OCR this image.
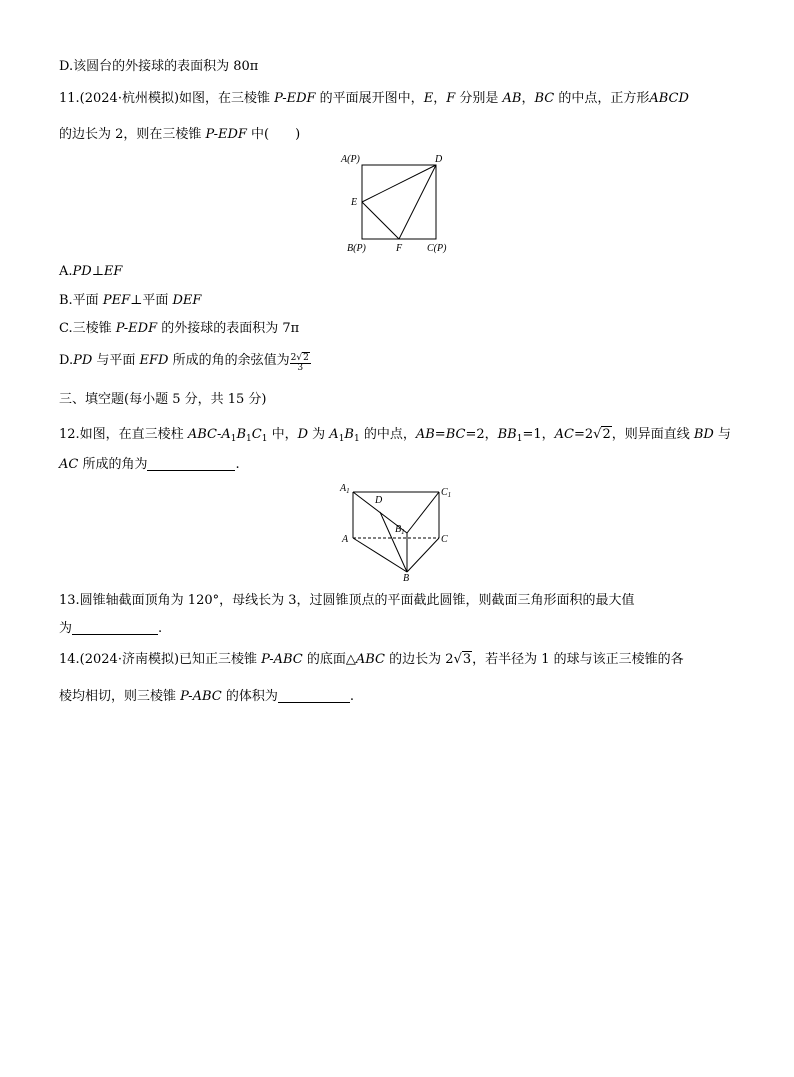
D.该圆台的外接球的表面积为 80π
11.(2024·杭州模拟)如图，在三棱锥 P-EDF 的平面展开图中，E，F 分别是 AB，BC 的中点，正方形ABCD
的边长为 2，则在三棱锥 P-EDF 中(　　)
A(P)	D
E
B(P)	F C(P)
A.PD⊥EF
B.平面 PEF⊥平面 DEF
C.三棱锥 P-EDF 的外接球的表面积为 7π
D.PD 与平面 EFD 所成的角的余弦值为 $\frac{2√2}{3}$
三、填空题(每小题 5 分，共 15 分)
12.如图，在直三棱柱 ABC-$A_1B_1C_1$ 中，D 为 $A_1B_1$ 的中点，AB=BC=2，$BB_1=1$，AC=2√2，则异面直线 BD 与
AC 所成的角为	.
$A_1$
D
$C_1$
$B_1$
A	C
B
13.圆锥轴截面顶角为 120°，母线长为 3，过圆锥顶点的平面截此圆锥，则截面三角形面积的最大值
为	.
14.(2024·济南模拟)已知正三棱锥 P-ABC 的底面△ABC 的边长为 2√3，若半径为 1 的球与该正三棱锥的各
棱均相切，则三棱锥 P-ABC 的体积为	.
